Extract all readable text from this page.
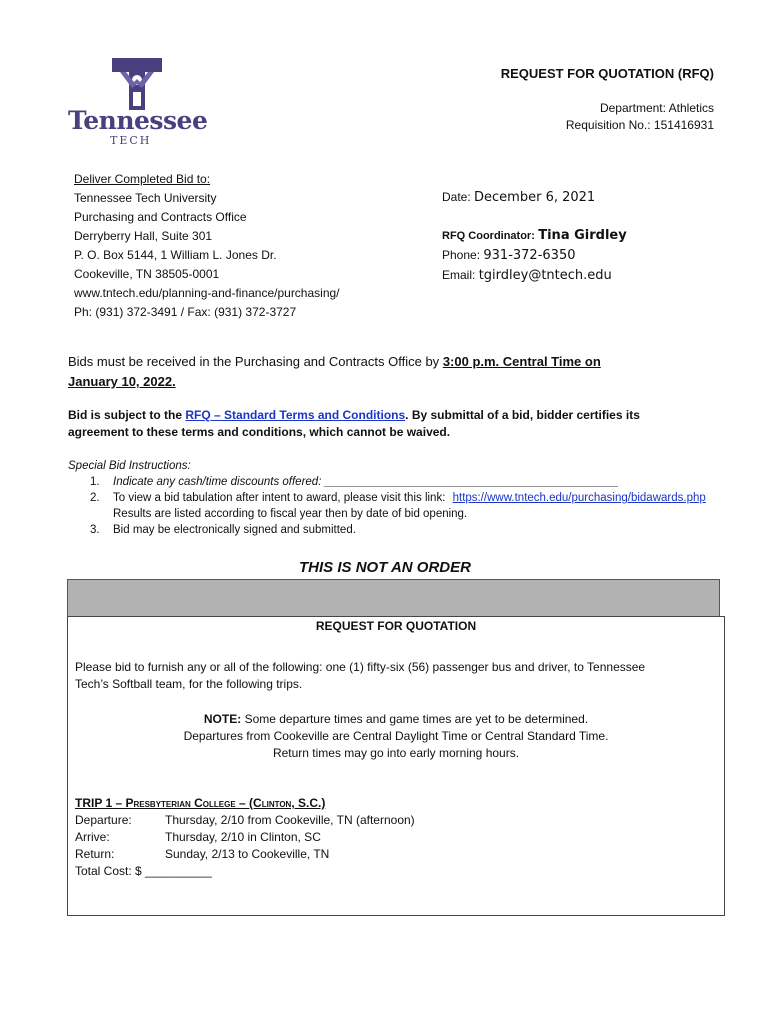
Tennessee
TECH
REQUEST FOR QUOTATION (RFQ)
Department: Athletics
Requisition No.: 151416931
Deliver Completed Bid to:
Tennessee Tech University
Purchasing and Contracts Office
Derryberry Hall, Suite 301
P. O. Box 5144, 1 William L. Jones Dr.
Cookeville, TN 38505-0001
www.tntech.edu/planning-and-finance/purchasing/
Ph: (931) 372-3491 / Fax: (931) 372-3727
Date: December 6, 2021
RFQ Coordinator: Tina Girdley
Phone: 931-372-6350
Email: tgirdley@tntech.edu
Bids must be received in the Purchasing and Contracts Office by 3:00 p.m. Central Time on
January 10, 2022.
Bid is subject to the RFQ – Standard Terms and Conditions. By submittal of a bid, bidder certifies its
agreement to these terms and conditions, which cannot be waived.
Special Bid Instructions:
1. Indicate any cash/time discounts offered: ______________________________________________
2. To view a bid tabulation after intent to award, please visit this link: https://www.tntech.edu/purchasing/bidawards.php
Results are listed according to fiscal year then by date of bid opening.
3. Bid may be electronically signed and submitted.
THIS IS NOT AN ORDER
REQUEST FOR QUOTATION
Please bid to furnish any or all of the following: one (1) fifty-six (56) passenger bus and driver, to Tennessee
Tech’s Softball team, for the following trips.
NOTE: Some departure times and game times are yet to be determined.
Departures from Cookeville are Central Daylight Time or Central Standard Time.
Return times may go into early morning hours.
TRIP 1 – Presbyterian College – (Clinton, S.C.)
Departure:	Thursday, 2/10 from Cookeville, TN (afternoon)
Arrive:	Thursday, 2/10 in Clinton, SC
Return:	Sunday, 2/13 to Cookeville, TN
Total Cost: $ __________
